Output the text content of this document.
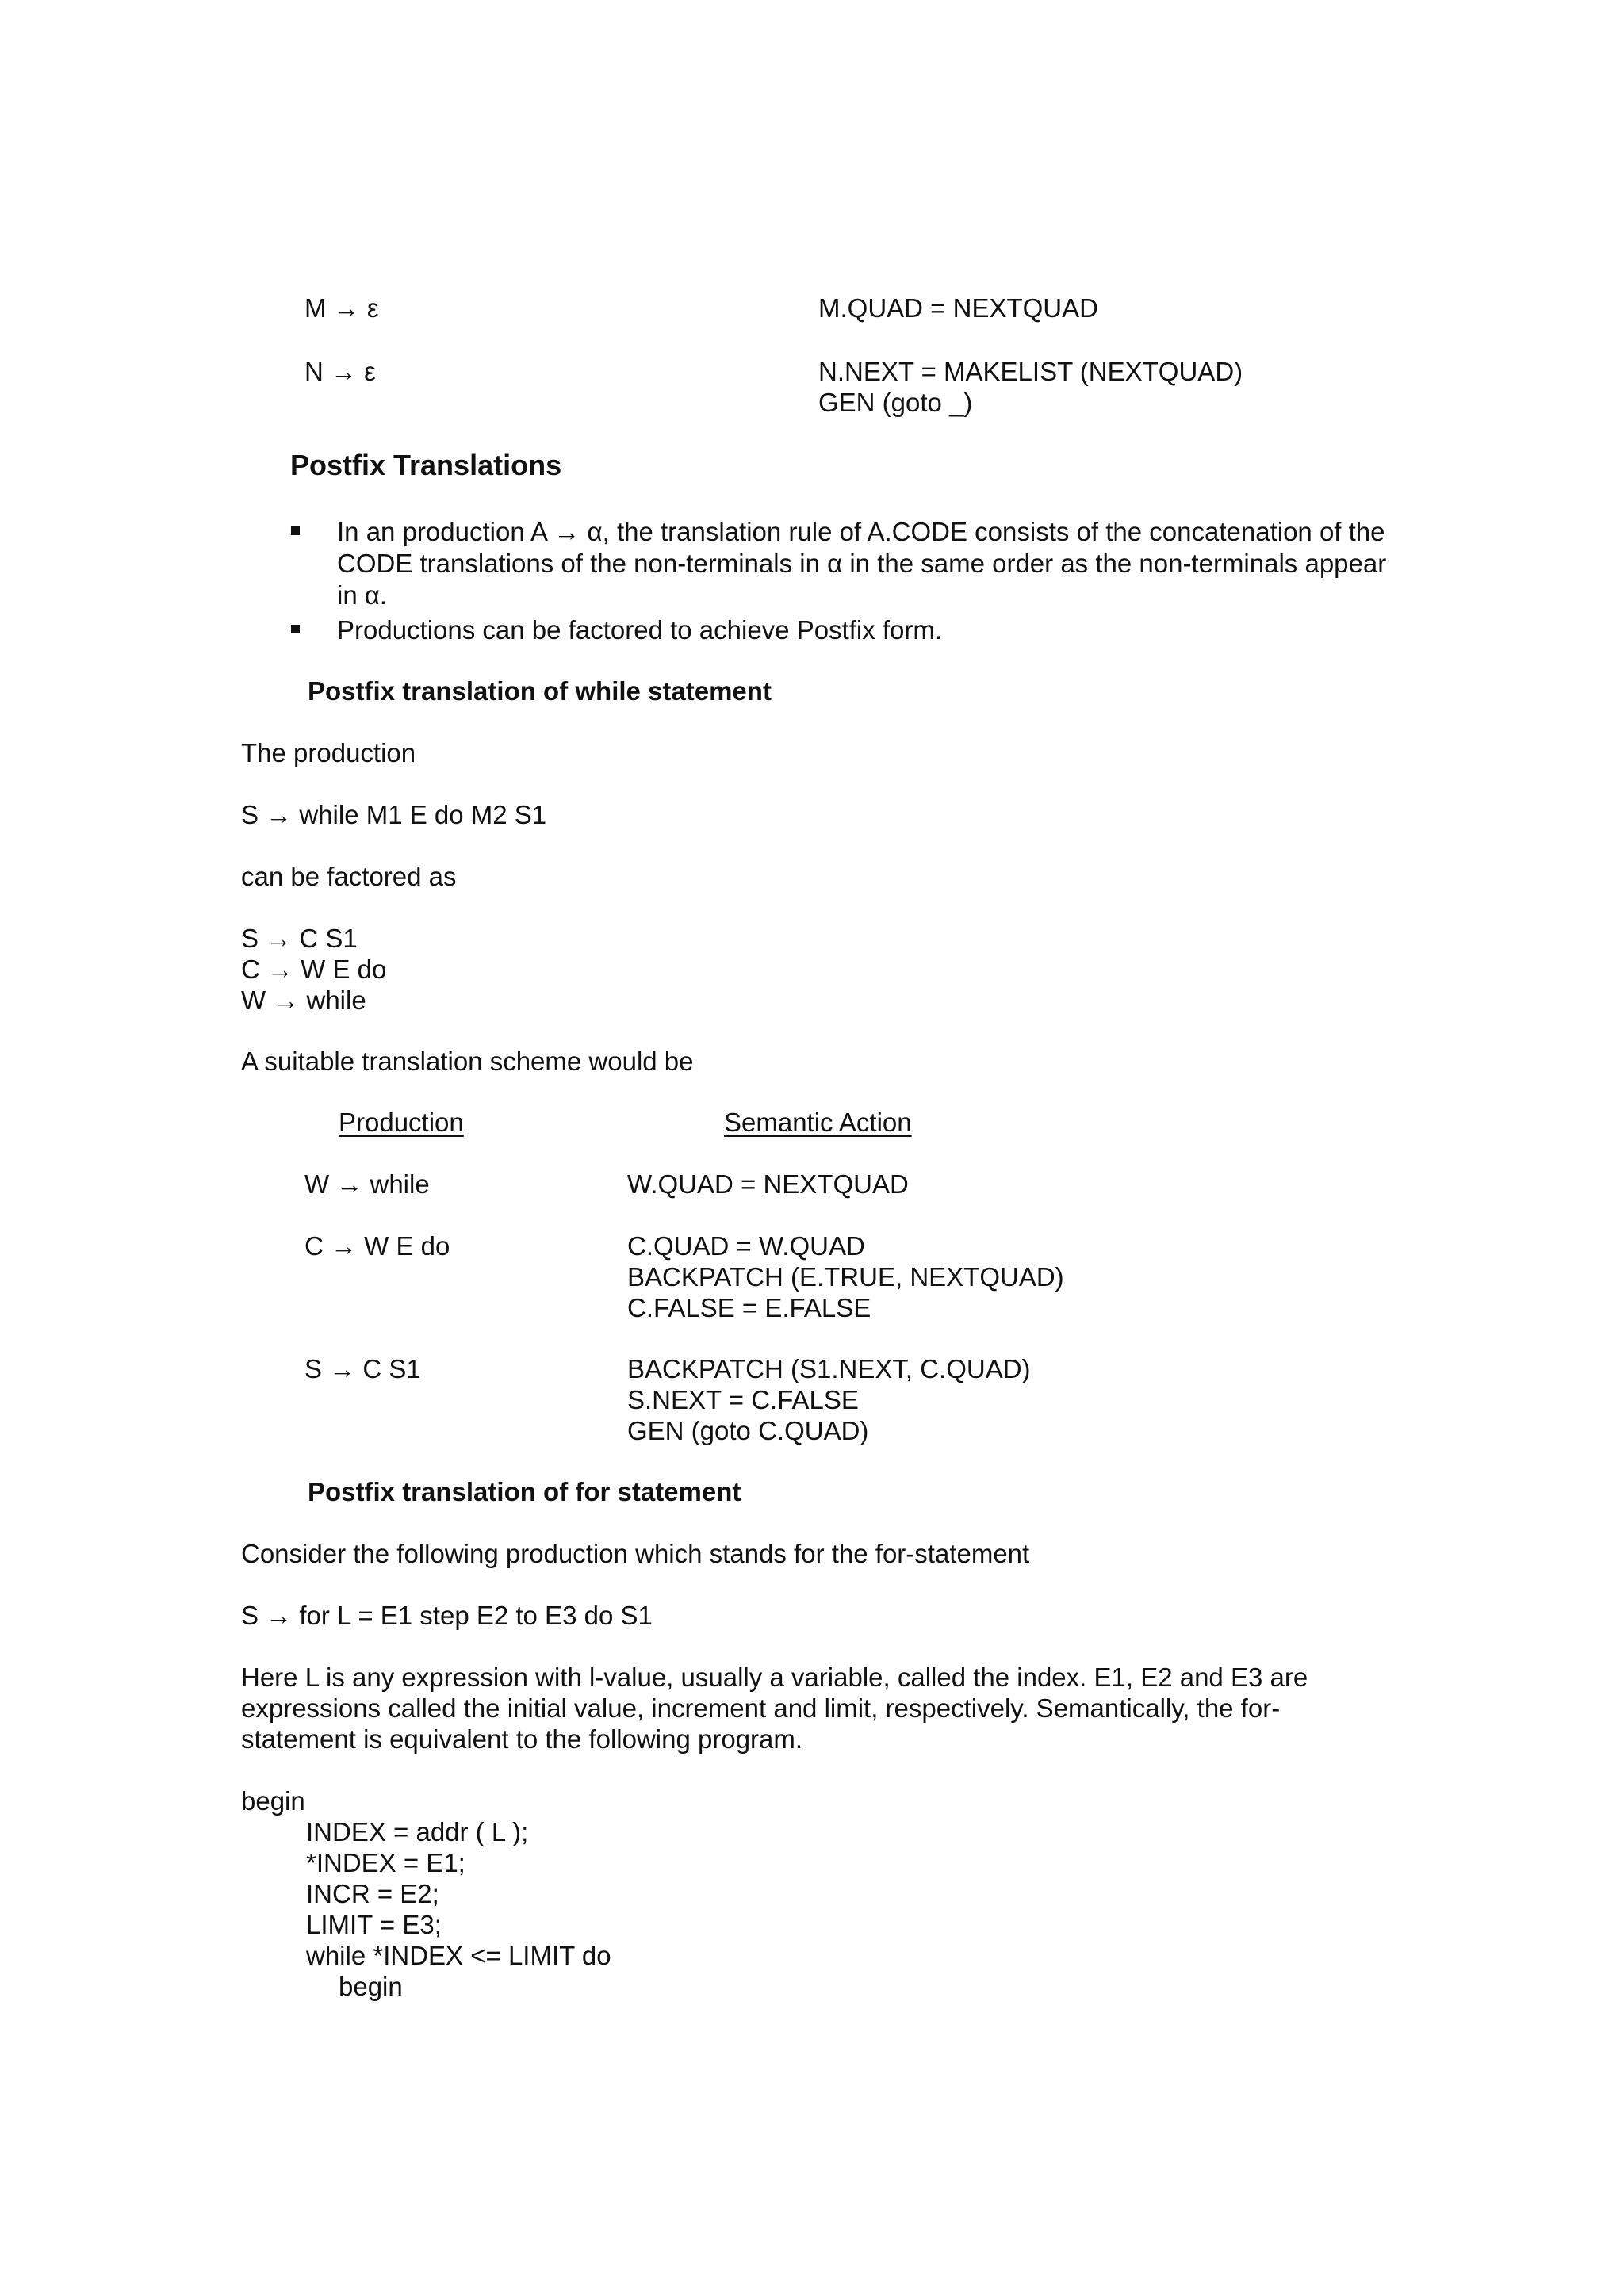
M → ε	M.QUAD = NEXTQUAD
N → ε	N.NEXT = MAKELIST (NEXTQUAD)
GEN (goto _)
Postfix Translations
In an production A → α, the translation rule of A.CODE consists of the concatenation of the CODE translations of the non-terminals in α in the same order as the non-terminals appear in α.
Productions can be factored to achieve Postfix form.
Postfix translation of while statement
The production
S → while M1 E do M2 S1
can be factored as
S → C S1
C → W E do
W → while
A suitable translation scheme would be
Production	Semantic Action
W → while	W.QUAD = NEXTQUAD
C → W E do	C.QUAD = W.QUAD
BACKPATCH (E.TRUE, NEXTQUAD)
C.FALSE = E.FALSE
S → C S1	BACKPATCH (S1.NEXT, C.QUAD)
S.NEXT = C.FALSE
GEN (goto C.QUAD)
Postfix translation of for statement
Consider the following production which stands for the for-statement
S → for L = E1 step E2 to E3 do S1
Here L is any expression with l-value, usually a variable, called the index. E1, E2 and E3 are expressions called the initial value, increment and limit, respectively. Semantically, the for-statement is equivalent to the following program.
begin
INDEX = addr ( L );
*INDEX = E1;
INCR = E2;
LIMIT = E3;
while *INDEX <= LIMIT do
begin
